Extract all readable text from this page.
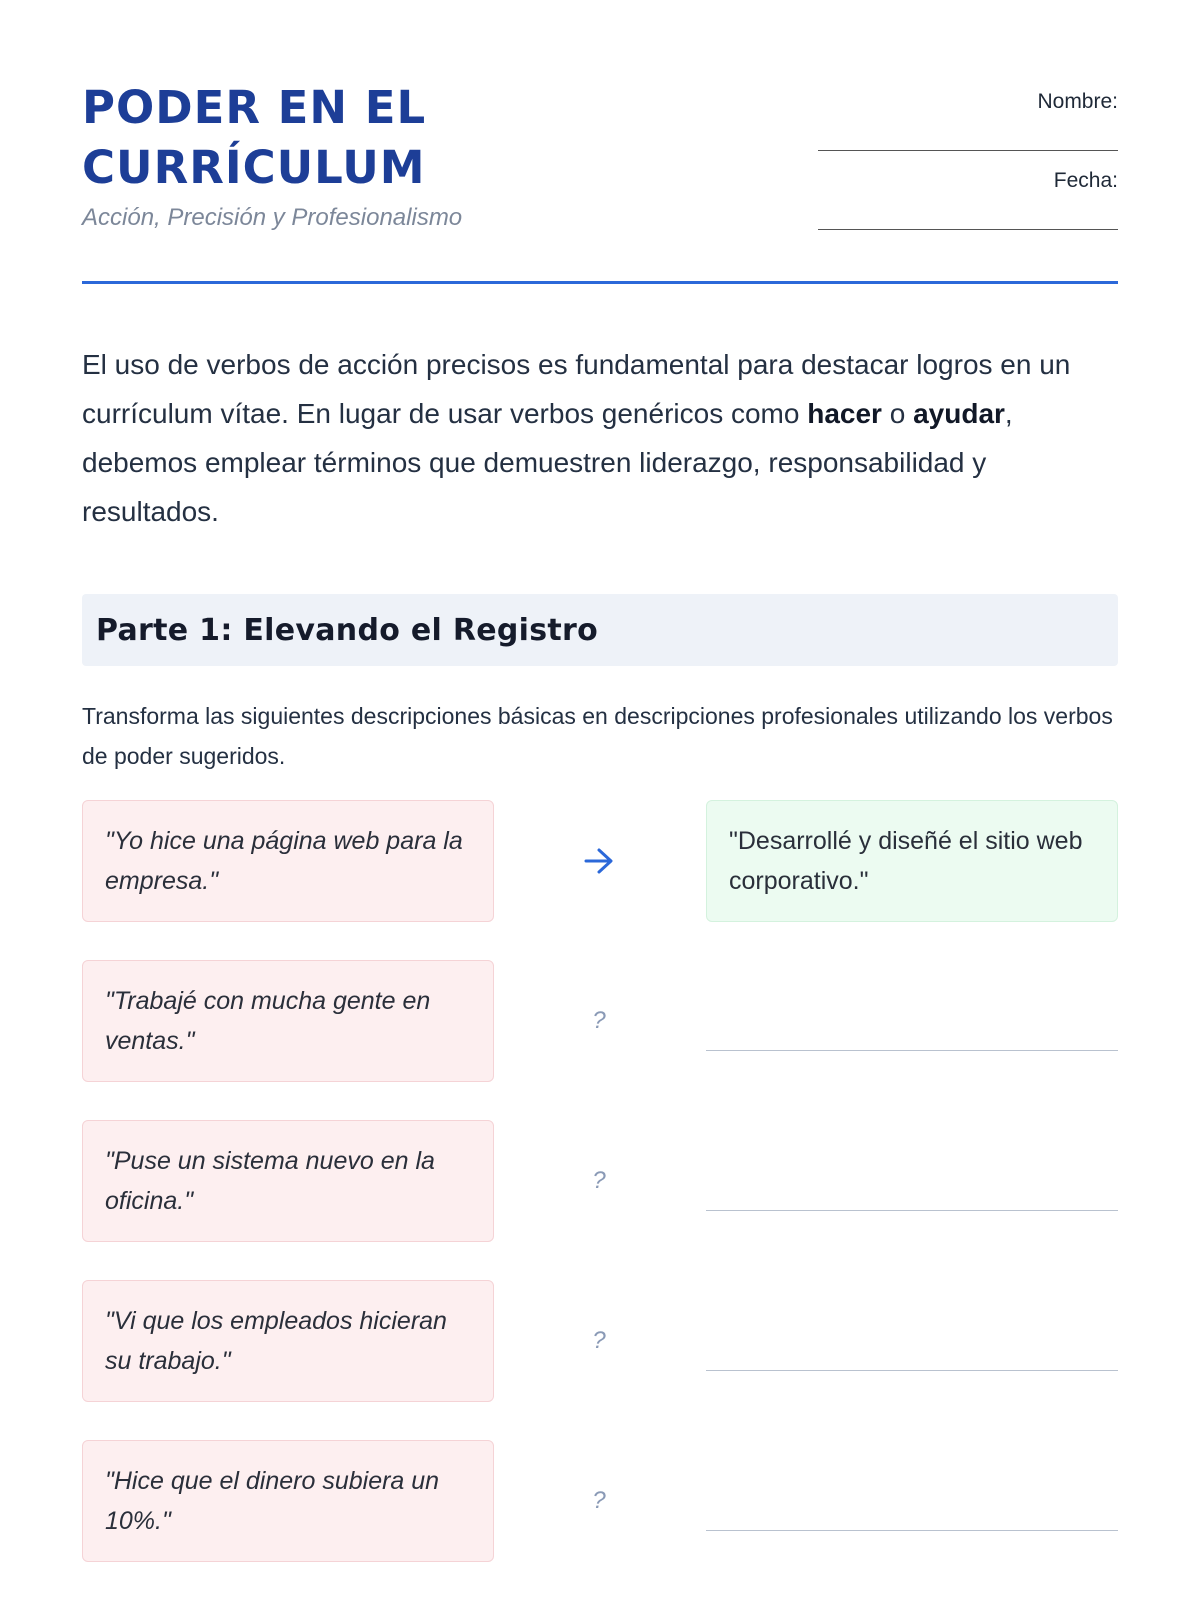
PODER EN EL
CURRÍCULUM
Acción, Precisión y Profesionalismo

Nombre:

Fecha:

El uso de verbos de acción precisos es fundamental para destacar logros en un currículum vítae. En lugar de usar verbos genéricos como hacer o ayudar, debemos emplear términos que demuestren liderazgo, responsabilidad y resultados.

Parte 1: Elevando el Registro

Transforma las siguientes descripciones básicas en descripciones profesionales utilizando los verbos de poder sugeridos.

"Yo hice una página web para la empresa."
"Desarrollé y diseñé el sitio web corporativo."
"Trabajé con mucha gente en ventas."
?
"Puse un sistema nuevo en la oficina."
?
"Vi que los empleados hicieran su trabajo."
?
"Hice que el dinero subiera un 10%."
?
